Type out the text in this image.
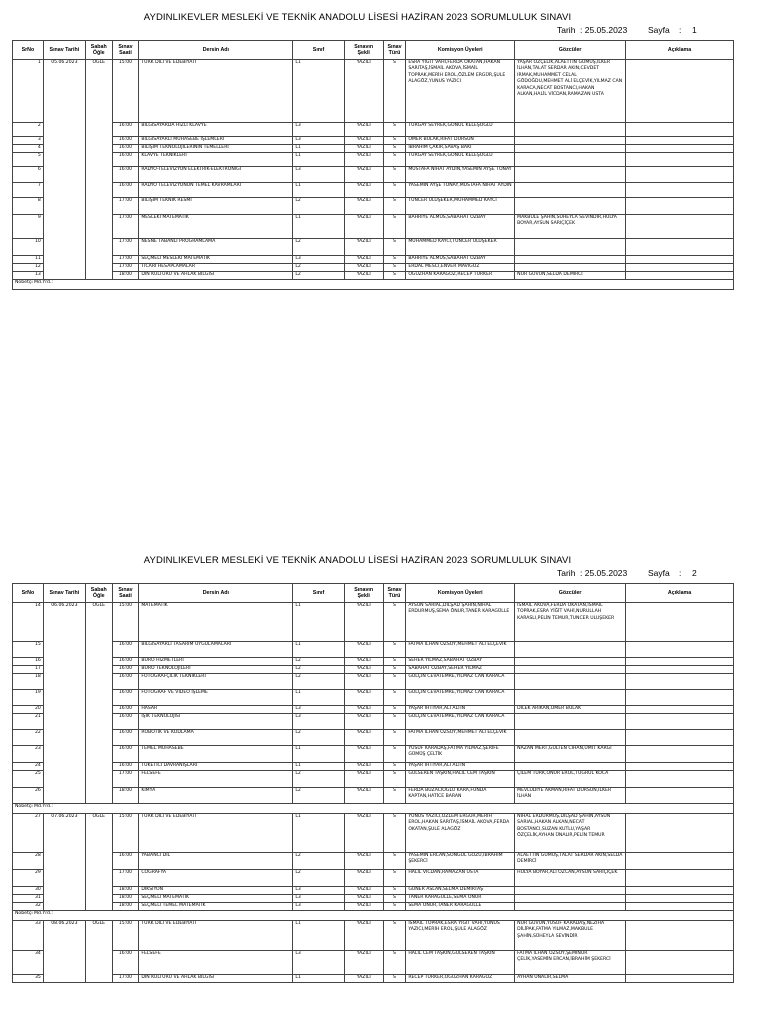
AYDINLIKEVLER MESLEKİ VE TEKNİK ANADOLU LİSESİ HAZİRAN 2023 SORUMLULUK SINAVI
Tarih : 25.05.2023 Sayfa : 1
SrNo	Sınav Tarihi	Sabah
Öğle	Sınav
Saati	Dersin Adı	Sınıf	Sınavın
Şekli	Sınav
Türü	Komisyon Üyeleri	Gözcüler	Açıklama
1	05.06.2023	ÖĞLE	15:00	TÜRK DİLİ VE EDEBİYATI	L1	YAZILI	S	ESRA YİĞİT VAHİ,FERDA OKATAN,HAKAN SARITAŞ,İSMAİL AKOVA,İSMAİL TOPRAK,MERİH EROL,ÖZLEM ERGÜR,ŞULE ALAGÖZ,YUNUS YAZICI	YAŞAR ÖZÇELİK,ALAETTİN GÜMÜŞ,İLKER İLHAN,TALAT SERDAR AKIN,CEVDET IRMAK,MUHAMMET CELAL GÖDOĞDU,MEHMET ALİ ELÇEVİK,YILMAZ CAN KARACA,NECAT BOSTANCI,HAKAN ALKAN,HALİL VİCDAN,RAMAZAN USTA	
2			16:00	BİLGİSAYARDA HIZLI KLAVYE	L3	YAZILI	S	TURGAY SEYREK,GÖNÜL KELEŞOĞLU		
3			16:00	BİLGİSAYARLI MUHASEBE İŞLEMLERİ	L3	YAZILI	S	ÖMER BULAK,RIFAT DURSUN		
4			16:00	BİLİŞİM TEKNOLOJİLERİNİN TEMELLERİ	L1	YAZILI	S	İBRAHİM ÇAKIR,SAVAŞ BAKI		
5			16:00	KLAVYE TEKNİKLERİ	L1	YAZILI	S	TURGAY SEYREK,GÖNÜL KELEŞOĞLU		
6			16:00	RADYO-TELEVİZYON ELEKTRİK-ELEKTRONİĞİ	L3	YAZILI	S	MUSTAFA NİHAT AYDIN,YASEMİN AYŞE TONAY		
7			16:00	RADYO TELEVİZYONUN TEMEL KAVRAMLARI	L1	YAZILI	S	YASEMİN AYŞE TONAY,MUSTAFA NİHAT AYDIN		
8			17:00	BİLİŞİM TEKNİK RESMİ	L2	YAZILI	S	TUNCER ULUŞEKER,MUHAMMED KAYCI		
9			17:00	MESLEKİ MATEMATİK	L1	YAZILI	S	BAHRİYE ALMUS,SABAHAT ÖZBAY	MAKBULE ŞAHİN,SÜHEYLA SEVİNDİR,HÜLYA BOYAR,AYSUN SARIÇİÇEK	
10			17:00	NESNE TABANLI PROGRAMLAMA	L2	YAZILI	S	MUHAMMED KAYCI,TUNCER ULUŞEKER		
11			17:00	SEÇMELİ MESLEKİ MATEMATİK	L3	YAZILI	S	BAHRİYE ALMUS,SABAHAT ÖZBAY		
12			17:00	TİCARİ HESAPLAMALAR	L2	YAZILI	S	ERDAL MESCİ,ENVER MAVİGÖZ		
13			18:00	DİN KÜLTÜRÜ VE AHLAK BİLGİSİ	L2	YAZILI	S	OĞUZHAN KARAGÖZ,RECEP TÜRKER	NUR GÜVÜN,SELDA DEMİRCİ	
Nöbetçi Md.Yrd.:										
AYDINLIKEVLER MESLEKİ VE TEKNİK ANADOLU LİSESİ HAZİRAN 2023 SORUMLULUK SINAVI
Tarih : 25.05.2023 Sayfa : 2
SrNo	Sınav Tarihi	Sabah
Öğle	Sınav
Saati	Dersin Adı	Sınıf	Sınavın
Şekli	Sınav
Türü	Komisyon Üyeleri	Gözcüler	Açıklama
14	06.06.2023	ÖĞLE	15:00	MATEMATİK	L1	YAZILI	S	AYSUN SARIAL,DİLŞAD ŞAHİN,NİHAL ERDURMUŞ,SEMA ÖNUR,TANER KARAGÜLLE	İSMAİL AKOVA,FERDA OKATAN,İSMAİL TOPRAK,ESRA YİĞİT VAHİ,NURULLAH KARASLI,PELİN TEMUR,TUNCER ULUŞEKER	
15			16:00	BİLGİSAYARLI TASARIM UYGULAMALARI	L1	YAZILI	S	FATMA İLHAN ÖZSOY,MEHMET ALİ ELÇEVİK		
16			16:00	BÜRO HİZMETLERİ	L2	YAZILI	S	SEHER YILMAZ,SABAHAT ÖZBAY		
17			16:00	BÜRO TEKNOLOJİLERİ	L2	YAZILI	S	SABAHAT ÖZBAY,SEHER YILMAZ		
18			16:00	FOTOĞRAFÇILIK TEKNİKLERİ	L2	YAZILI	S	GÜLÇİN CEVATEMRE,YILMAZ CAN KARACA		
19			16:00	FOTOĞRAF VE VİDEO İŞLEME	L1	YAZILI	S	GÜLÇİN CEVATEMRE,YILMAZ CAN KARACA		
20			16:00	HASAR	L3	YAZILI	S	YAŞAR İHTİYAR,ALİ ALTIN	DİLEK ARIKAN,ÖMER BULAK	
21			16:00	IŞIK TEKNOLOJİSİ	L3	YAZILI	S	GÜLÇİN CEVATEMRE,YILMAZ CAN KARACA		
22			16:00	ROBOTİK VE KODLAMA	L2	YAZILI	S	FATMA İLHAN ÖZSOY,MEHMET ALİ ELÇEVİK		
23			16:00	TEMEL MUHASEBE	L1	YAZILI	S	YUSUF KARADAŞ,FATMA YILMAZ,ŞERİFE GÜMÜŞ ÇELTİK	NAZAN MERT,GÜLTEN CİHAN,ÜMİT KARGI	
24			16:00	TÜKETİCİ DAVRANIŞLARI	L1	YAZILI	S	YAŞAR İHTİYAR,ALİ ALTIN		
25			17:00	FELSEFE	L2	YAZILI	S	GÜLSEREN TAŞKIN,HALİL CEM TAŞKIN	ÇİLEM TÜRK,ONUR EROL,TUĞRUL KOCA	
26			18:00	KİMYA	L2	YAZILI	S	FERDA BUZACIOĞLU KARA,FUNDA KAPTAN,HATİCE BARAN	MEVLÜDİYE AKMAN,RIFAT DURSUN,İLKER İLHAN	
Nöbetçi Md.Yrd.:										
27	07.06.2023	ÖĞLE	15:00	TÜRK DİLİ VE EDEBİYATI	L1	YAZILI	S	YUNUS YAZICI,ÖZLEM ERGÜR,MERİH EROL,HAKAN SARITAŞ,İSMAİL AKOVA,FERDA OKATAN,ŞULE ALAGÖZ	NİHAL ERDURMUŞ,DİLŞAD ŞAHİN,AYSUN SARIAL,HAKAN ALKAN,NECAT BOSTANCI,SUZAN KUTLU,YAŞAR ÖZÇELİK,AYHAN ÜNALIR,PELİN TEMUR	
28			16:00	YABANCI DİL	L2	YAZILI	S	YASEMİN ERCAN,SONGÜL GÖZÜ,İBRAHİM ŞEKERCİ	ALAETTİN GÜMÜŞ,TALAT SERDAR AKIN,SELDA DEMİRCİ	
29			17:00	COĞRAFYA	L2	YAZILI	S	HALİL VİCDAN,RAMAZAN USTA	HÜLYA BOYAR,ALİ ÖZCAN,AYSUN SARIÇİÇEK	
30			18:00	DİKSİYON	L3	YAZILI	S	GÜNER ASLAN,SELMA DEMİRTAŞ		
31			18:00	SEÇMELİ MATEMATİK	L3	YAZILI	S	TANER KARAGÜLLE,SEMA ÖNUR		
32			18:00	SEÇMELİ TEMEL MATEMATİK	L3	YAZILI	S	SEMA ÖNUR,TANER KARAGÜLLE		
Nöbetçi Md.Yrd.:										
33	08.06.2023	ÖĞLE	15:00	TÜRK DİLİ VE EDEBİYATI	L1	YAZILI	S	İSMAİL TOPRAK,ESRA YİĞİT VAHİ,YUNUS YAZICI,MERİH EROL,ŞULE ALAGÖZ	NUR GÜVÜN,YUSUF KARADAŞ,NEZİHA DİLİPAK,FATMA YILMAZ,MAKBULE ŞAHİN,SÜHEYLA SEVİNDİR	
34			16:00	FELSEFE	L3	YAZILI	S	HALİL CEM TAŞKIN,GÜLSEREN TAŞKIN	FATMA İLHAN ÖZSOY,ŞEMİNUR ÇELİK,YASEMİN ERCAN,İBRAHİM ŞEKERCİ	
35			17:00	DİN KÜLTÜRÜ VE AHLAK BİLGİSİ	L1	YAZILI	S	RECEP TÜRKER,OĞUZHAN KARAGÖZ	AYHAN ÜNALIR,SELMA	
